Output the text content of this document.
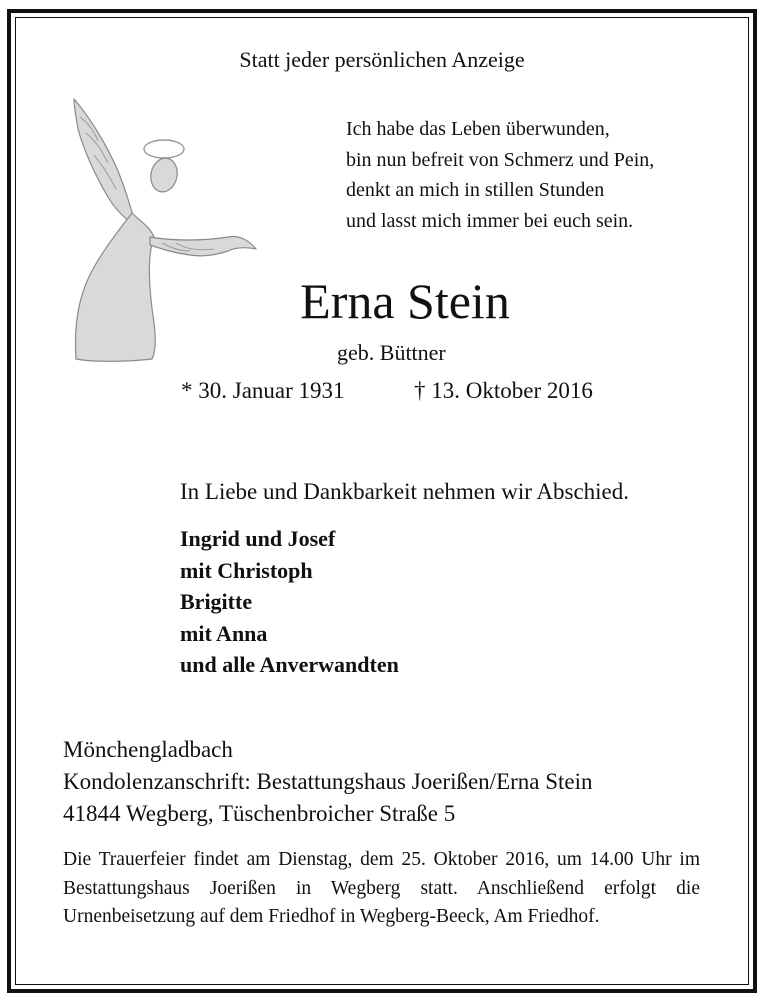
Statt jeder persönlichen Anzeige
Ich habe das Leben überwunden,
bin nun befreit von Schmerz und Pein,
denkt an mich in stillen Stunden
und lasst mich immer bei euch sein.
Erna Stein
geb. Büttner
* 30. Januar 1931	† 13. Oktober 2016
In Liebe und Dankbarkeit nehmen wir Abschied.
Ingrid und Josef
mit Christoph
Brigitte
mit Anna
und alle Anverwandten
Mönchengladbach
Kondolenzanschrift: Bestattungshaus Joerißen/Erna Stein
41844 Wegberg, Tüschenbroicher Straße 5
Die Trauerfeier findet am Dienstag, dem 25. Oktober 2016, um 14.00 Uhr im Bestattungshaus Joerißen in Wegberg statt. Anschließend erfolgt die Urnenbeisetzung auf dem Friedhof in Wegberg-Beeck, Am Friedhof.
